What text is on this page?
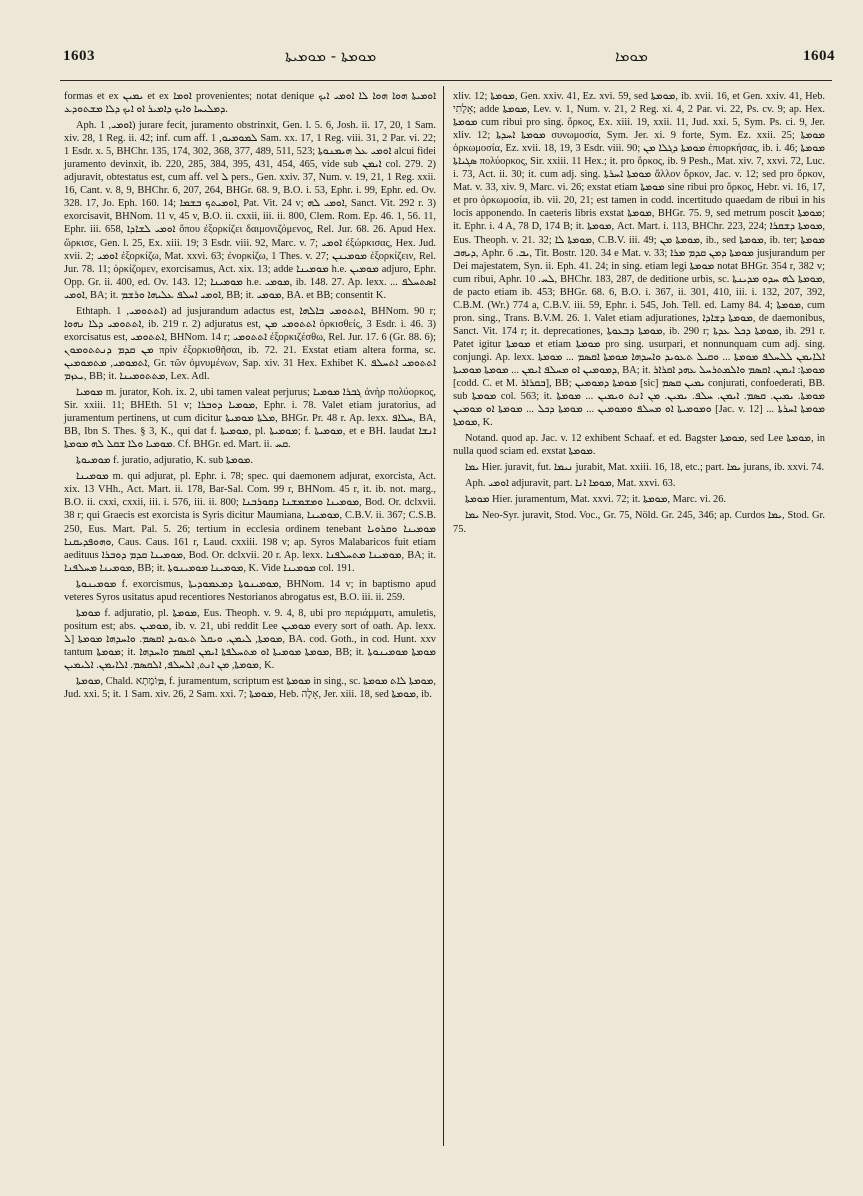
1603	ܡܘܡܬܐ - ܡܘܡܝܬܐ	ܡܘܡܐ	1604

formas et ex ܝܡܝܢ et ex ܐܘܡܐ provenientes; notat denique ܐܘܡܝܬܐ ܗܘܐ ܗܘܐ ܠܐ ܐܘܡܝ ܐܝܟ ܕܡܠܝܚܐ ܘܐܝܟ ܕܐܡܝܪ ܐܘ ܐܝܟ ܕܠܐ ܡܫܬܘܕܥ.

Aph. ܐܘܡܝ, 1) jurare fecit, juramento obstrinxit, Gen. l. 5. 6, Josh. ii. 17, 20, 1 Sam. xiv. 28, 1 Reg. ii. 42; inf. cum aff. ܠܡܘܡܝܘ, 1 Sam. xx. 17, 1 Reg. viii. 31, 2 Par. vi. 22; 1 Esdr. x. 5, BHChr. 135, 174, 302, 368, 377, 489, 511, 523; ܐܘܡܝ ܥܠ ܗܝܡܢܘܬܐ alcui fidei juramento devinxit, ib. 220, 285, 384, 395, 431, 454, 465, vide sub ܐܝܡܢ col. 279. 2) adjuravit, obtestatus est, cum aff. vel ܠ pers., Gen. xxiv. 37, Num. v. 19, 21, 1 Reg. xxii. 16, Cant. v. 8, 9, BHChr. 6, 207, 264, BHGr. 68. 9, B.O. i. 53, Ephr. i. 99, Ephr. ed. Ov. 328. 17, Jo. Eph. 160. 14; ܐܘܡܝܬܟ ܒܫܡܐ, Pat. Vit. 24 v; ܐܘܡܝ ܠܗ, Sanct. Vit. 292 r. 3) exorcisavit, BHNom. 11 v, 45 v, B.O. ii. cxxii, iii. ii. 800, Clem. Rom. Ep. 46. 1, 56. 11, Ephr. iii. 658, ܐܘܡܝ ܠܫܐܕܐ ὅπου ἐξορκίζει δαιμονιζόμενος, Rel. Jur. 68. 26. Apud Hex. ὥρκισε, Gen. l. 25, Ex. xiii. 19; 3 Esdr. viii. 92, Marc. v. 7; ܐܘܡܝ ἐξώρκισας, Hex. Jud. xvii. 2; ܐܘܡܝ ἐξορκίζω, Mat. xxvi. 63; ἐνορκίζω, 1 Thes. v. 27; ܡܘܡܝܢܢ ἐξορκίζειν, Rel. Jur. 78. 11; ὁρκίζομεν, exorcisamus, Act. xix. 13; adde ܡܘܡܝܢܐ h.e. ܡܘܡܝܢ adjuro, Ephr. Opp. Gr. ii. 400, ed. Ov. 143. 12; ܡܘܡܝܢܐ h.e. ܡܘܡܝ, ib. 148. 27. Ap. lexx. ܐܣܬܚܠܦ ... ܐܘܡܝ, BA; it. ܐܘܡܝ ܐܚܠܦ ܥܠܝܗܐ ܘܪܫܡ, BB; it. ܡܘܡܝ, BA. et BB; consentit K.

Ethtaph. ܐܬܬܘܡܝ, 1) ad jusjurandum adactus est, ܐܬܬܘܡܝ ܒܐܠܗܐ, BHNom. 90 r; ܐܬܬܘܡܝ ܕܠܐ ܢܗܘܐ, ib. 219 r. 2) adjuratus est, ܐܬܬܘܡܝ ܡܢ ὁρκισθείς, 3 Esdr. i. 46. 3) exorcisatus est, ܐܬܬܘܡܝ, BHNom. 14 r; ܐܬܬܘܡܝ ἐξορκιζέσθω, Rel. Jur. 17. 6 (Gr. 88. 6); ܡܢ ܩܕܡ ܕܢܬܬܘܡܘܢ πρὶν ἐξορκισθῆσαι, ib. 72. 21. Exstat etiam altera forma, sc. ܐܬܡܘܡܝ, ܡܬܡܘܡܝܢ, Gr. τῶν ὀμνυμένων, Sap. xiv. 31 Hex. Exhibet K. ܐܬܬܘܡܝ ܐܬܚܠܦ ܝܥܙܡ, BB; it. ܡܬܬܘܡܝܢܐ, Lex. Adl.

ܡܘܡܝܐ m. jurator, Koh. ix. 2, ubi tamen valeat perjurus; ܓܒܪܐ ܡܘܡܝܐ ἀνὴρ πολύορκος, Sir. xxiii. 11; BHEth. 51 v; ܡܘܡܝܐ ܕܘܒܪܐ, Ephr. i. 78. Valet etiam juratorius, ad juramentum pertinens, ut cum dicitur ܡܠܬܐ ܡܘܡܝܬܐ, BHGr. Pr. 48 r. Ap. lexx. ܚܠܐܦ, BA, BB, Ibn S. Thes. § 3, K., qui dat f. ܡܘܡܝܬܐ, pl. ܡܘܡܝܬܐ; f. ܡܘܡܝܬܐ, et e BH. laudat ܐܢܫܐ ܡܘܡܝܐ ܘܠܐ ܫܩܠ ܠܗ ܡܘܡܬܐ. Cf. BHGr. ed. Mart. ii. ܩܚ.

ܡܘܡܝܘܬܐ f. juratio, adjuratio, K. sub ܡܘܡܬܐ.

ܡܘܡܝܢܐ m. qui adjurat, pl. Ephr. i. 78; spec. qui daemonem adjurat, exorcista, Act. xix. 13 VHh., Act. Mart. ii. 178, Bar-Sal. Com. 99 r, BHNom. 45 r, it. ib. not. marg., B.O. ii. cxxi, cxxii, iii. i. 576, iii. ii. 800; ܡܘܡܝܢܐ ܘܡܫܡܫܢܐ ܕܩܘܪܒܢܐ, Bod. Or. dclxvii. 38 r; qui Graecis est exorcista is Syris dicitur Maumiana, ܡܘܡܝܢܐ, C.B.V. ii. 367; C.S.B. 250, Eus. Mart. Pal. 5. 26; tertium in ecclesia ordinem tenebant ܡܘܡܝܢܐ ܘܩܪܘܝܐ ܘܗܘܦܕܝܩܢܐ, Caus. Caus. 161 r, Laud. cxxiii. 198 v; ap. Syros Malabaricos fuit etiam aedituus ܡܘܡܝܢܐ ܩܕܡ ܕܘܒܪܐ, Bod. Or. dclxvii. 20 r. Ap. lexx. ܡܘܡܝܢܐ ܡܬܚܠܦܢܐ, BA; it. ܡܘܡܝܢܐ ܡܚܠܦܢܐ, BB; it. ܡܘܡܝܢܐ ܡܘܡܝܢܘܬܐ, K. Vide ܡܘܡܝܢܐ col. 191.

ܡܘܡܝܢܘܬܐ f. exorcismus, ܡܘܡܝܢܘܬܐ ܕܡܥܡܘܕܝܬܐ, BHNom. 14 v; in baptismo apud veteres Syros usitatus apud recentiores Nestorianos abrogatus est, B.O. iii. ii. 259.

ܡܘܡܬܐ f. adjuratio, pl. ܡܘܡܬܐ, Eus. Theoph. v. 9. 4, 8, ubi pro περιάμματι, amuletis, positum est; abs. ܡܘܡܝܢ, ib. v. 21, ubi reddit Lee ܡܘܡܝܢ every sort of oath. Ap. lexx. ܡܘܡܬܐ, ܠܝܡܢ. ܘܝܩܠ ܬܥܘܝܕ ܐܩܣܡ. ܘܐܚܕܗܐ ܡܘܡܬܐ [ܠ, BA. cod. Goth., in cod. Hunt. xxv tantum ܡܘܡܬܐ; it. ܡܘܡܬܐ ܡܘܡܝܬܐ ܐܘ ܡܬܚܠܦܬܐ ܐܝܡܢ ܐܩܣܡ ܘܐܚܕܗܐ, BB; it. ܡܘܡܬܐ ܡܘܡܝܢܘܬܐ ܡܘܡܬܐ, ܡܢ ܐܢܬ, ܐܠܚܠܦ, ܐܠܩܣܡ. ܐܠܐܝܡܢ. ܐܠܝܡܝܢ, K.

ܡܘܡܬܐ, Chald. ܡוֹמָתָא, f. juramentum, scriptum est ܡܘܡܬܐ in sing., sc. ܡܘܡܬܐ ܠܐܬ ܡܘܡܬܐ, Jud. xxi. 5; it. 1 Sam. xiv. 26, 2 Sam. xxi. 7; ܡܘܡܬܐ, Heb. אָלָה, Jer. xiii. 18, sed ܡܘܡܬܐ, ib.

xliv. 12; ܡܘܡܬܐ, Gen. xxiv. 41, Ez. xvi. 59, sed ܡܘܡܬܐ, ib. xvii. 16, et Gen. xxiv. 41, Heb. אָלָתִי; adde ܡܘܡܬܐ, Lev. v. 1, Num. v. 21, 2 Reg. xi. 4, 2 Par. vi. 22, Ps. cv. 9; ap. Hex. ܡܘܡܬܐ cum ribui pro sing. ὅρκος, Ex. xiii. 19, xxii. 11, Jud. xxi. 5, Sym. Ps. ci. 9, Jer. xliv. 12; ܡܘܡܬܐ ܐܚܕܬܐ συνωμοσία, Sym. Jer. xi. 9 forte, Sym. Ez. xxii. 25; ܡܘܡܬܐ ὁρκωμοσία, Ez. xvii. 18, 19, 3 Esdr. viii. 90; ܡܘܡܬܐ ܕܓܠܐ ܡܢ ἐπιορκήσας, ib. i. 46; ܡܘܡܬܐ ܣܓܝܐܬܐ πολύορκος, Sir. xxiii. 11 Hex.; it. pro ὅρκος, ib. 9 Pesh., Mat. xiv. 7, xxvi. 72, Luc. i. 73, Act. ii. 30; it. cum adj. sing. ܡܘܡܬܐ ܐܚܪܬܐ ἄλλον ὅρκον, Jac. v. 12; sed pro ὅρκον, Mat. v. 33, xiv. 9, Marc. vi. 26; exstat etiam ܡܘܡܬܐ sine ribui pro ὅρκος, Hebr. vi. 16, 17, et pro ὁρκωμοσία, ib. vii. 20, 21; est tamen in codd. incertitudo quaedam de ribui in his locis apponendo. In caeteris libris exstat ܡܘܡܬܐ, BHGr. 75. 9, sed metrum poscit ܡܘܡܬܐ; it. Ephr. i. 4 A, 78 D, 174 B; it. ܡܘܡܬܐ, Act. Mart. i. 113, BHChr. 223, 224; ܡܘܡܬܐ ܕܫܩܪܐ, Eus. Theoph. v. 21. 32; ܡܘܡܬܐ ܠܐ, C.B.V. iii. 49; ܡܘܡܬܐ ܡܢ, ib., sed ܡܘܡܬܐ, ib. ter; ܡܘܡܬܐ ܕܝܗܒ, Aphr. ܝܒ. 6, Tit. Bostr. 120. 34 e Mat. v. 33; ܡܘܡܬܐ ܕܡܢ ܩܕܡ ܡܪܐ jusjurandum per Dei majestatem, Syn. ii. Eph. 41. 24; in sing. etiam legi ܡܘܡܬܐ notat BHGr. 354 r, 382 v; cum ribui, Aphr. ܠܚ. 10, BHChr. 183, 287, de deditione urbis, sc. ܡܘܡܬܐ ܠܗ ܚܕܘ ܡܕܝܢܬܐ, de pacto etiam ib. 453; BHGr. 68. 6, B.O. i. 367, ii. 301, 410, iii. i. 132, 207, 392, C.B.M. (Wr.) 774 a, C.B.V. iii. 59, Ephr. i. 545, Joh. Tell. ed. Lamy 84. 4; ܡܘܡܬܐ, cum pron. sing., Trans. B.V.M. 26. 1. Valet etiam adjurationes, ܡܘܡܬܐ ܕܫܐܕܐ, de daemonibus, Sanct. Vit. 174 r; it. deprecationes, ܡܘܡܬܐ ܕܒܥܘܬܐ, ib. 290 r; ܡܘܡܬܐ ܕܟܠ ܥܕܬܐ, ib. 291 r. Patet igitur ܡܘܡܬܐ et etiam ܡܘܡܬܐ pro sing. usurpari, et nonnunquam cum adj. sing. conjungi. Ap. lexx. ܐܠܐܝܡܢ ܠܠܚܠܦ ܡܘܡܬܐ ... ܘܩܝܠ ܬܥܘܝܕ ܘܐܚܕܗܐ ܡܘܡܬܐ ܐܩܣܡ ... ܡܘܡܬܐ ܕܡܘܡܝܢ ܐܘ ܡܚܠܦ ܐܝܡܢ ... ܡܘܡܬܐ ܡܘܡܝܬܐ, BA; it. ܡܘܡܬܐ: ܐܝܡܢ. ܐܩܣܡ ܘܐܠܡܬܪܚܠ ܥܗܕ ܐܩܪܐܪ [codd. C. et M. ܒܩܪܐܪ], BB; ܡܘܡܬܐ ܕܡܘܡܝܢ [sic] ܝܡܝܢ ܩܣܡ conjurati, confoederati, BB. sub ܡܘܡܬܐ col. 563; it. ܡܘܡܬܐ. ܝܡܝܢ. ܩܣܡ. ܐܝܡܢ. ܚܠܦ. ܝܡܝܢ. ܡܢ ܐܢܬ ܘܝܡܝܢ ... ܡܘܡܬܐ ܘܡܘܡܝܬܐ ܐܘ ܡܚܠܦ ܘܡܘܡܝܢ ... ܡܘܡܬܐ ܕܟܠ ... ܡܘܡܬܐ ܐܘ ܡܘܡܝܢ [Jac. v. 12] ܡܘܡܬܐ ܐܚܪܬܐ ... ܡܘܡܬܐ, K.

Notand. quod ap. Jac. v. 12 exhibent Schaaf. et ed. Bagster ܡܘܡܬܐ, sed Lee ܡܘܡܬܐ, in nulla quod sciam ed. exstat ܡܘܡܬܐ.

ܝܡܐ Hier. juravit, fut. ܢܝܡܐ jurabit, Mat. xxiii. 16, 18, etc.; part. ܝܡܐ jurans, ib. xxvi. 74.

Aph. ܐܘܡܝ adjuravit, part. ܡܘܡܐ ܐܢܐ, Mat. xxvi. 63.

ܡܘܡܬܐ Hier. juramentum, Mat. xxvi. 72; it. ܡܘܡܬܐ, Marc. vi. 26.

ܝܡܐ Neo-Syr. juravit, Stod. Voc., Gr. 75, Nöld. Gr. 245, 346; ap. Curdos ܝܡܐ, Stod. Gr. 75.
